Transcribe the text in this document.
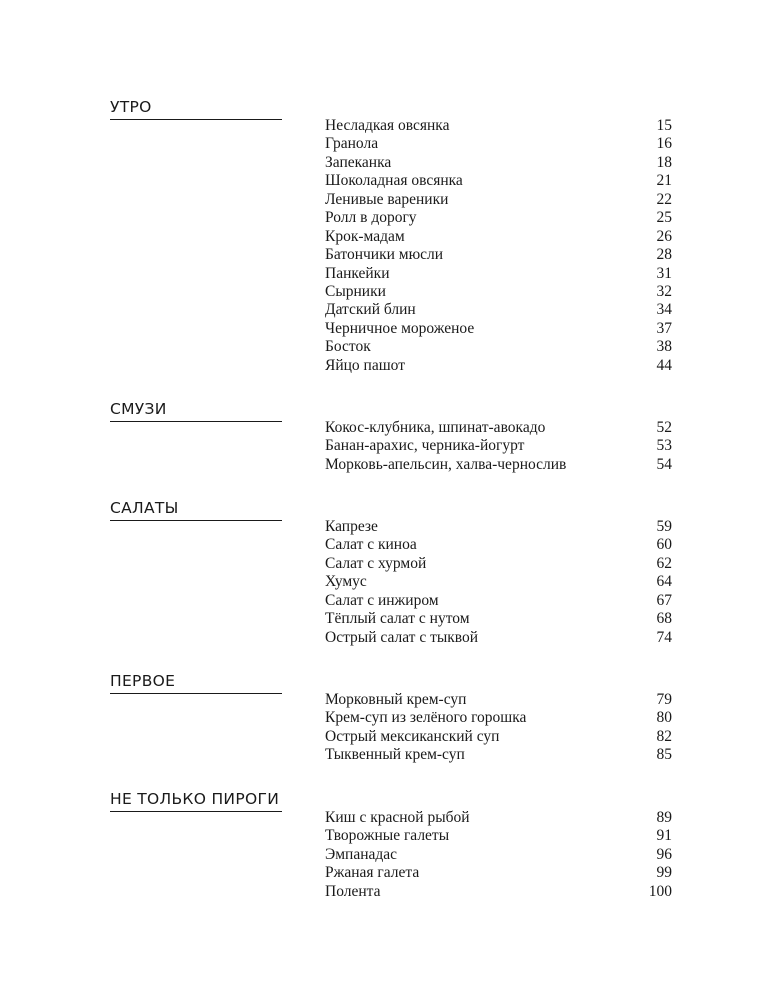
УТРО
Несладкая овсянка	15
Гранола	16
Запеканка	18
Шоколадная овсянка	21
Ленивые вареники	22
Ролл в дорогу	25
Крок-мадам	26
Батончики мюсли	28
Панкейки	31
Сырники	32
Датский блин	34
Черничное мороженое	37
Босток	38
Яйцо пашот	44
СМУЗИ
Кокос-клубника, шпинат-авокадо	52
Банан-арахис, черника-йогурт	53
Морковь-апельсин, халва-чернослив	54
САЛАТЫ
Капрезе	59
Салат с киноа	60
Салат с хурмой	62
Хумус	64
Салат с инжиром	67
Тёплый салат с нутом	68
Острый салат с тыквой	74
ПЕРВОЕ
Морковный крем-суп	79
Крем-суп из зелёного горошка	80
Острый мексиканский суп	82
Тыквенный крем-суп	85
НЕ ТОЛЬКО ПИРОГИ
Киш с красной рыбой	89
Творожные галеты	91
Эмпанадас	96
Ржаная галета	99
Полента	100
